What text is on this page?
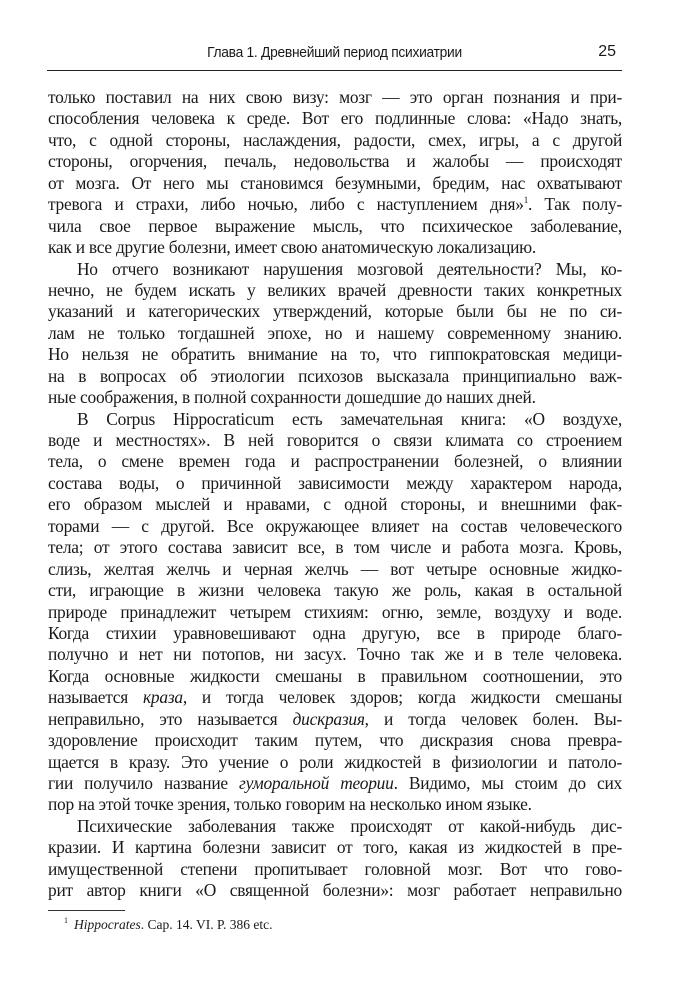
Глава 1. Древнейший период психиатрии	25
только поставил на них свою визу: мозг — это орган познания и при-
способления человека к среде. Вот его подлинные слова: «Надо знать,
что, с одной стороны, наслаждения, радости, смех, игры, а с другой
стороны, огорчения, печаль, недовольства и жалобы — происходят
от мозга. От него мы становимся безумными, бредим, нас охватывают
тревога и страхи, либо ночью, либо с наступлением дня»$^1$. Так полу-
чила свое первое выражение мысль, что психическое заболевание,
как и все другие болезни, имеет свою анатомическую локализацию.
Но отчего возникают нарушения мозговой деятельности? Мы, ко-
нечно, не будем искать у великих врачей древности таких конкретных
указаний и категорических утверждений, которые были бы не по си-
лам не только тогдашней эпохе, но и нашему современному знанию.
Но нельзя не обратить внимание на то, что гиппократовская медици-
на в вопросах об этиологии психозов высказала принципиально важ-
ные соображения, в полной сохранности дошедшие до наших дней.
В Corpus Hippocraticum есть замечательная книга: «О воздухе,
воде и местностях». В ней говорится о связи климата со строением
тела, о смене времен года и распространении болезней, о влиянии
состава воды, о причинной зависимости между характером народа,
его образом мыслей и нравами, с одной стороны, и внешними фак-
торами — с другой. Все окружающее влияет на состав человеческого
тела; от этого состава зависит все, в том числе и работа мозга. Кровь,
слизь, желтая желчь и черная желчь — вот четыре основные жидко-
сти, играющие в жизни человека такую же роль, какая в остальной
природе принадлежит четырем стихиям: огню, земле, воздуху и воде.
Когда стихии уравновешивают одна другую, все в природе благо-
получно и нет ни потопов, ни засух. Точно так же и в теле человека.
Когда основные жидкости смешаны в правильном соотношении, это
называется краза, и тогда человек здоров; когда жидкости смешаны
неправильно, это называется дискразия, и тогда человек болен. Вы-
здоровление происходит таким путем, что дискразия снова превра-
щается в кразу. Это учение о роли жидкостей в физиологии и патоло-
гии получило название гуморальной теории. Видимо, мы стоим до сих
пор на этой точке зрения, только говорим на несколько ином языке.
Психические заболевания также происходят от какой-нибудь дис-
кразии. И картина болезни зависит от того, какая из жидкостей в пре-
имущественной степени пропитывает головной мозг. Вот что гово-
рит автор книги «О священной болезни»: мозг работает неправильно
$^1$ Hippocrates. Cap. 14. VI. P. 386 etc.
